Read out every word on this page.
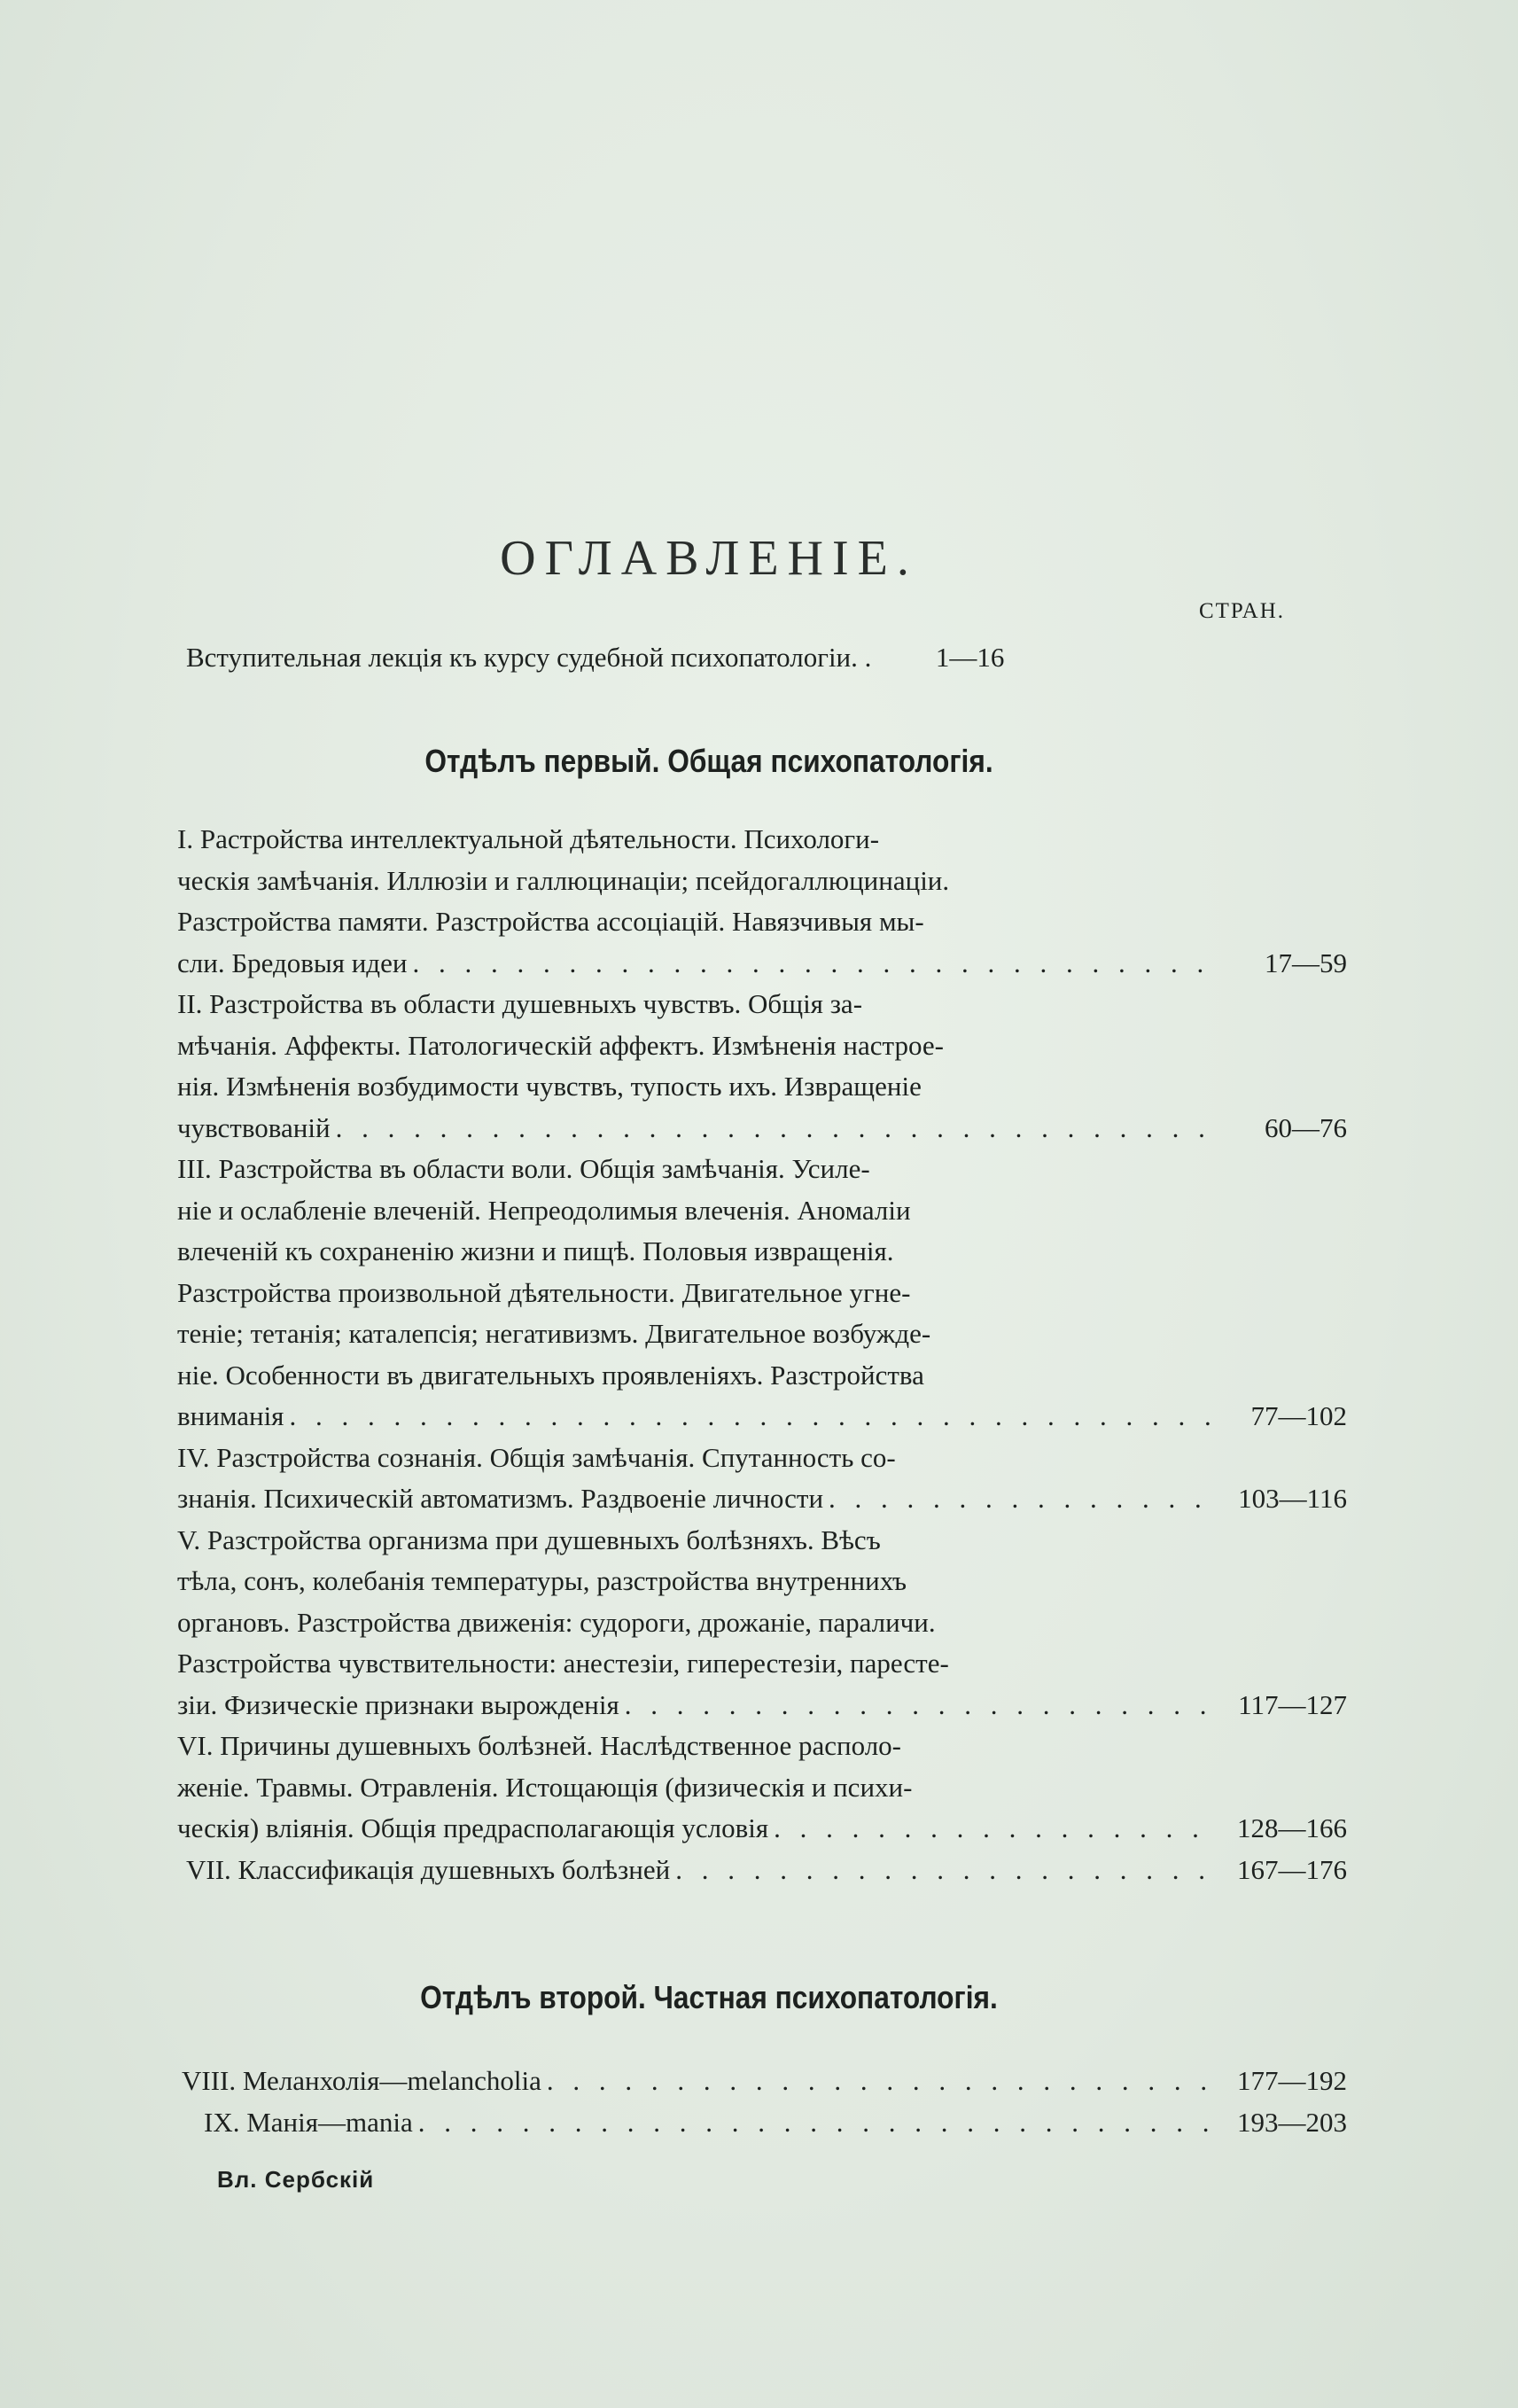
ОГЛАВЛЕНІЕ.
СТРАН.
Вступительная лекція къ курсу судебной психопатологіи. .	1—16
Отдѣлъ первый. Общая психопатологія.
I. Растройства интеллектуальной дѣятельности. Психологи-
ческія замѣчанія. Иллюзіи и галлюцинаціи; псейдогаллюцинаціи.
Разстройства памяти. Разстройства ассоціацій. Навязчивыя мы-
сли. Бредовыя идеи . . .	17—59
II. Разстройства въ области душевныхъ чувствъ. Общія за-
мѣчанія. Аффекты. Патологическій аффектъ. Измѣненія настрое-
нія. Измѣненія возбудимости чувствъ, тупость ихъ. Извращеніе
чувствованій . . .	60—76
III. Разстройства въ области воли. Общія замѣчанія. Усиле-
ніе и ослабленіе влеченій. Непреодолимыя влеченія. Аномаліи
влеченій къ сохраненію жизни и пищѣ. Половыя извращенія.
Разстройства произвольной дѣятельности. Двигательное угне-
теніе; тетанія; каталепсія; негативизмъ. Двигательное возбужде-
ніе. Особенности въ двигательныхъ проявленіяхъ. Разстройства
вниманія . . .	77—102
IV. Разстройства сознанія. Общія замѣчанія. Спутанность со-
знанія. Психическій автоматизмъ. Раздвоеніе личности . . .	103—116
V. Разстройства организма при душевныхъ болѣзняхъ. Вѣсъ
тѣла, сонъ, колебанія температуры, разстройства внутреннихъ
органовъ. Разстройства движенія: судороги, дрожаніе, параличи.
Разстройства чувствительности: анестезіи, гиперестезіи, паресте-
зіи. Физическіе признаки вырожденія . . .	117—127
VI. Причины душевныхъ болѣзней. Наслѣдственное располо-
женіе. Травмы. Отравленія. Истощающія (физическія и психи-
ческія) вліянія. Общія предрасполагающія условія . . .	128—166
VII. Классификація душевныхъ болѣзней . . .	167—176
Отдѣлъ второй. Частная психопатологія.
VIII. Меланхолія—melancholia . . .	177—192
IX. Манія—mania . . .	193—203
Вл. Сербскій
